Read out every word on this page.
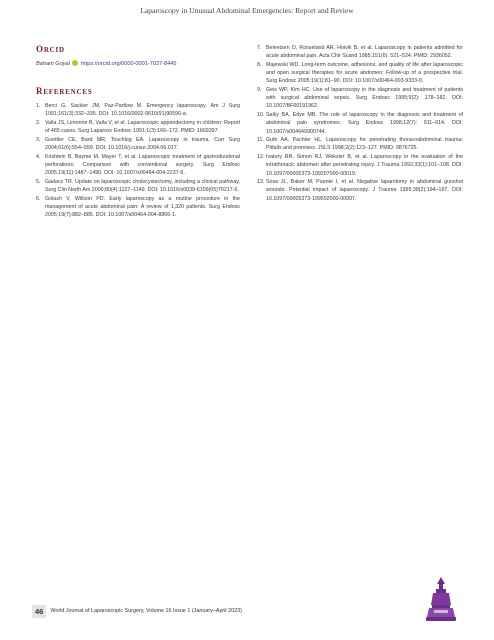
Laparoscopy in Unusual Abdominal Emergencies: Report and Review
ORCID
Baham Goyal https://orcid.org/0000-0001-7037-8445
REFERENCES
1. Berci G, Sackier JM, Paz-Partlow M. Emergency laparoscopy. Am J Surg 1991;161(3):332–335. DOI: 10.1016/0002-9610(91)90590-a.
2. Valla JS, Limonne B, Valla V, et al. Laparoscopic appendectomy in children: Report of 465 cases. Surg Laparosc Endosc 1991;1(3):166–172. PMID: 1669397.
3. Goettler CE, Bard MR, Toschlog EA. Laparoscopy in trauma. Curr Surg 2004;61(6):554–559. DOI: 10.1016/j.cursur.2004.06.017.
4. Kirshtein B, Bayme M, Mayer T, et al. Laparoscopic treatment of gastroduodenal perforations: Comparison with conventional surgery. Surg Endosc 2005;19(11):1487–1490. DOI: 10.1007/s00464-004-2237-9.
5. Gadacz TR. Update on laparoscopic cholecystectomy, including a clinical pathway. Surg Clin North Am 2000;80(4):1127–1149. DOI: 10.1016/s0039-6109(05)70217-6.
6. Golash V, Willson PD. Early laparoscopy as a routine procedure in the management of acute abdominal pain: A review of 1,320 patients. Surg Endosc 2005;19(7):882–885. DOI: 10.1007/s00464-004-8866-1.
7. Beleetsen O, Rosseland AR, Hoivik B, et al. Laparoscopy in patients admitted for acute abdominal pain. Acta Chir Scand 1985;151(6): 521–524. PMID: 2936052.
8. Majewski WD. Long-term outcome, adhesions, and quality of life after laparoscopic and open surgical therapies for acute abdomen: Follow-up of a prospective trial. Surg Endosc 2005;19(1):81–90. DOI: 10.1007/s00464-003-9333-0.
9. Geis WP, Kim HC. Use of laparoscopy in the diagnosis and treatment of patients with surgical abdominal sepsis. Surg Endosc 1995;9(2): 178–182. DOI: 10.1007/BF00191962.
10. Salky BA, Edye MB. The role of laparoscopy in the diagnosis and treatment of abdominal pain syndromes. Surg Endosc 1998;12(7): 911–914. DOI: 10.1007/s004649900744.
11. Guth AA, Pachter HL. Laparoscopy for penetrating thoracoabdominal trauma: Pitfalls and promises. JSLS 1998;2(2):123–127. PMID: 9876725.
12. Ivatury RR, Simon RJ, Weksler B, et al. Laparoscopy in the evaluation of the intrathoracic abdomen after penetrating injury. J Trauma 1992;33(1):101–108. DOI: 10.1097/00005373-199207000-00019.
13. Sosa JL, Baker M, Puente I, et al. Negative laparotomy in abdominal gunshot wounds: Potential impact of laparoscopy. J Trauma 1995;38(2):194–197. DOI: 10.1097/00005373-199502000-00007.
46	World Journal of Laparoscopic Surgery, Volume 16 Issue 1 (January–April 2023)
